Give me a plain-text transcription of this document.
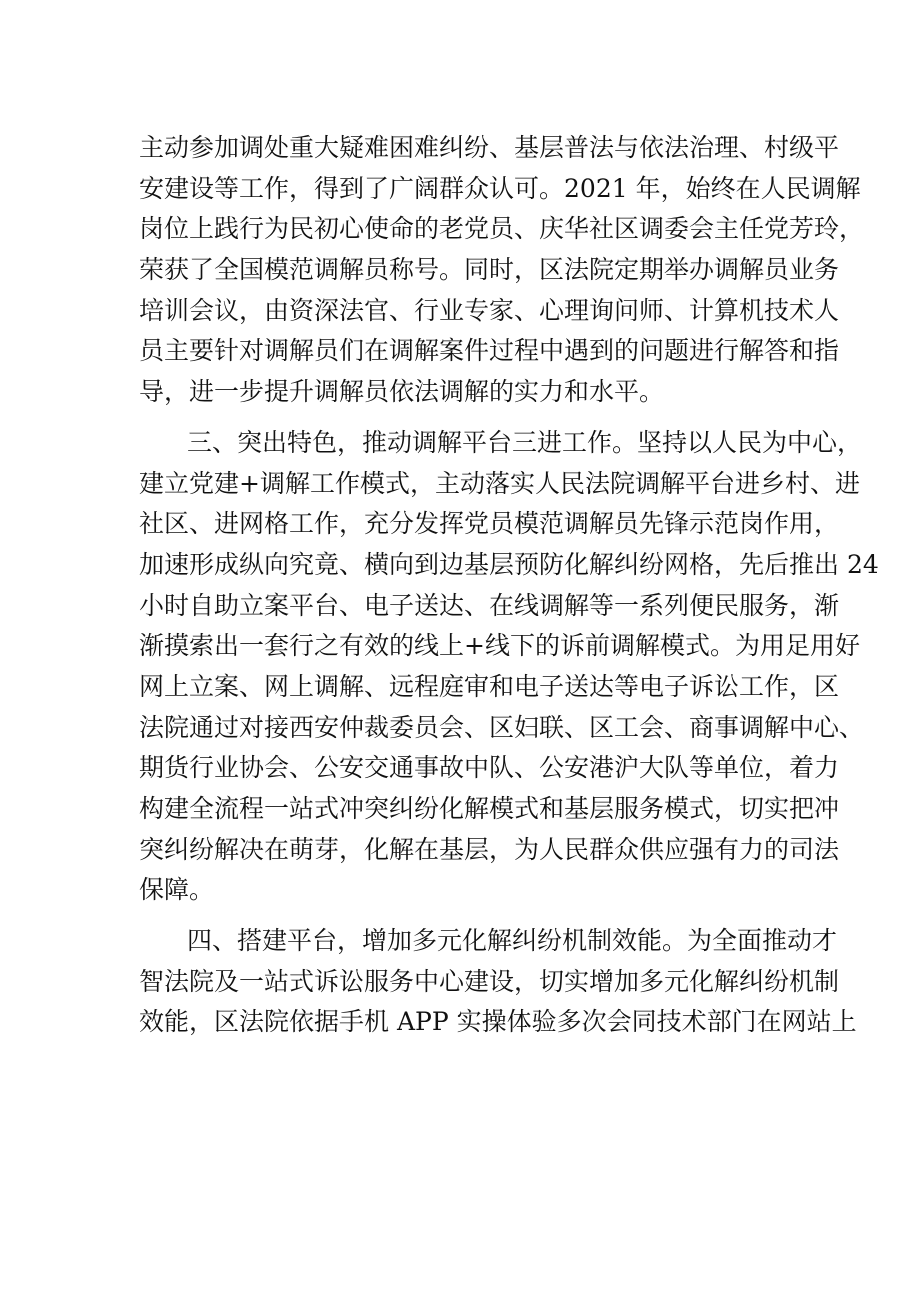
主动参加调处重大疑难困难纠纷、基层普法与依法治理、村级平
安建设等工作，得到了广阔群众认可。2021 年，始终在人民调解
岗位上践行为民初心使命的老党员、庆华社区调委会主任党芳玲，
荣获了全国模范调解员称号。同时，区法院定期举办调解员业务
培训会议，由资深法官、行业专家、心理询问师、计算机技术人
员主要针对调解员们在调解案件过程中遇到的问题进行解答和指
导，进一步提升调解员依法调解的实力和水平。
三、突出特色，推动调解平台三进工作。坚持以人民为中心，
建立党建+调解工作模式，主动落实人民法院调解平台进乡村、进
社区、进网格工作，充分发挥党员模范调解员先锋示范岗作用，
加速形成纵向究竟、横向到边基层预防化解纠纷网格，先后推出 24
小时自助立案平台、电子送达、在线调解等一系列便民服务，渐
渐摸索出一套行之有效的线上+线下的诉前调解模式。为用足用好
网上立案、网上调解、远程庭审和电子送达等电子诉讼工作，区
法院通过对接西安仲裁委员会、区妇联、区工会、商事调解中心、
期货行业协会、公安交通事故中队、公安港沪大队等单位，着力
构建全流程一站式冲突纠纷化解模式和基层服务模式，切实把冲
突纠纷解决在萌芽，化解在基层，为人民群众供应强有力的司法
保障。
四、搭建平台，增加多元化解纠纷机制效能。为全面推动才
智法院及一站式诉讼服务中心建设，切实增加多元化解纠纷机制
效能，区法院依据手机 APP 实操体验多次会同技术部门在网站上
